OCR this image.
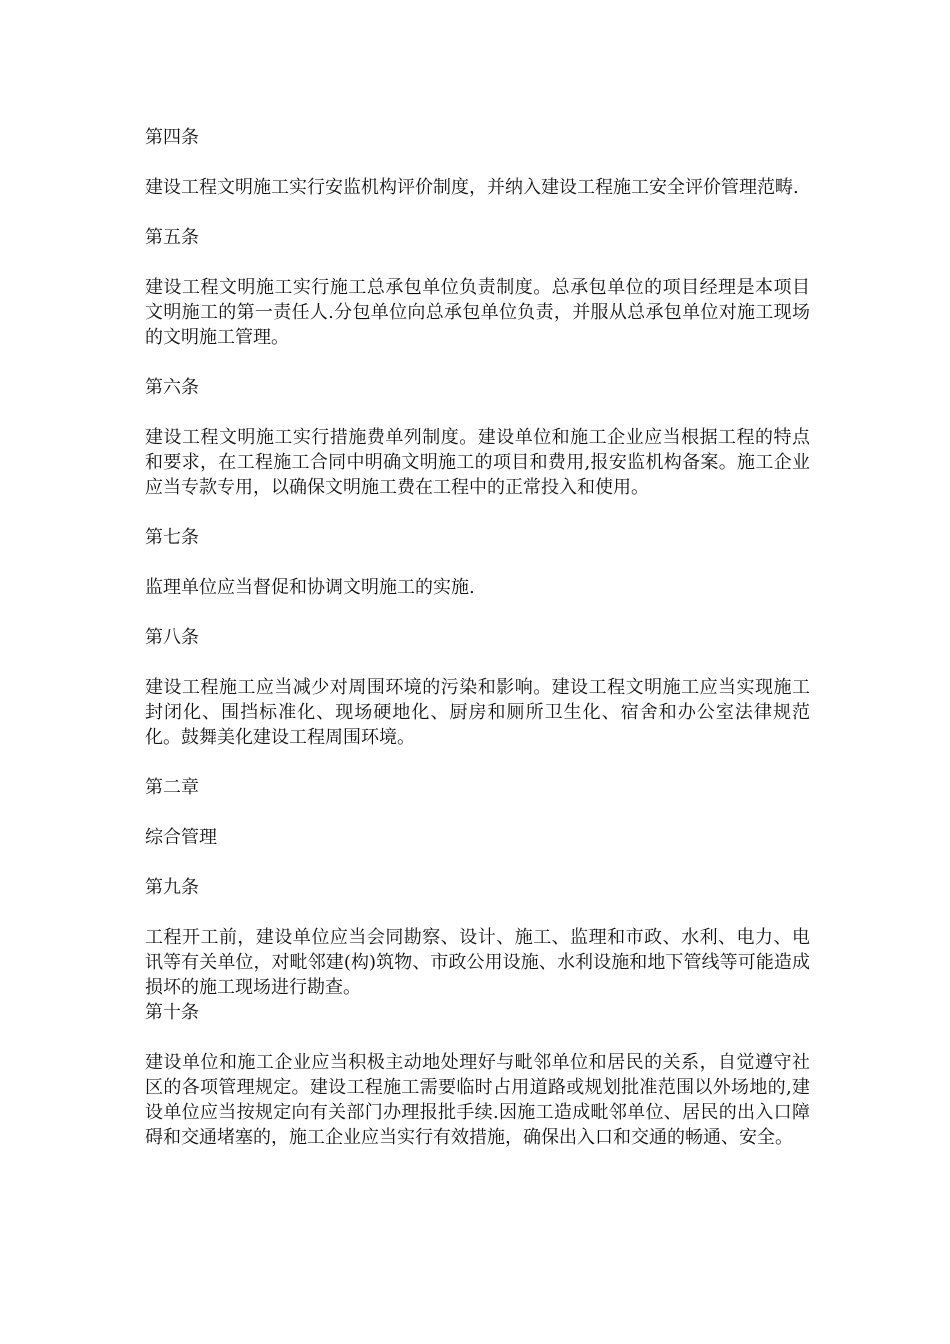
第四条
建设工程文明施工实行安监机构评价制度，并纳入建设工程施工安全评价管理范畴.
第五条
建设工程文明施工实行施工总承包单位负责制度。总承包单位的项目经理是本项目文明施工的第一责任人.分包单位向总承包单位负责，并服从总承包单位对施工现场的文明施工管理。
第六条
建设工程文明施工实行措施费单列制度。建设单位和施工企业应当根据工程的特点和要求，在工程施工合同中明确文明施工的项目和费用,报安监机构备案。施工企业应当专款专用，以确保文明施工费在工程中的正常投入和使用。
第七条
监理单位应当督促和协调文明施工的实施.
第八条
建设工程施工应当减少对周围环境的污染和影响。建设工程文明施工应当实现施工封闭化、围挡标准化、现场硬地化、厨房和厕所卫生化、宿舍和办公室法律规范化。鼓舞美化建设工程周围环境。
第二章
综合管理
第九条
工程开工前，建设单位应当会同勘察、设计、施工、监理和市政、水利、电力、电讯等有关单位，对毗邻建(构)筑物、市政公用设施、水利设施和地下管线等可能造成损坏的施工现场进行勘查。
第十条
建设单位和施工企业应当积极主动地处理好与毗邻单位和居民的关系，自觉遵守社区的各项管理规定。建设工程施工需要临时占用道路或规划批准范围以外场地的,建设单位应当按规定向有关部门办理报批手续.因施工造成毗邻单位、居民的出入口障碍和交通堵塞的，施工企业应当实行有效措施，确保出入口和交通的畅通、安全。
